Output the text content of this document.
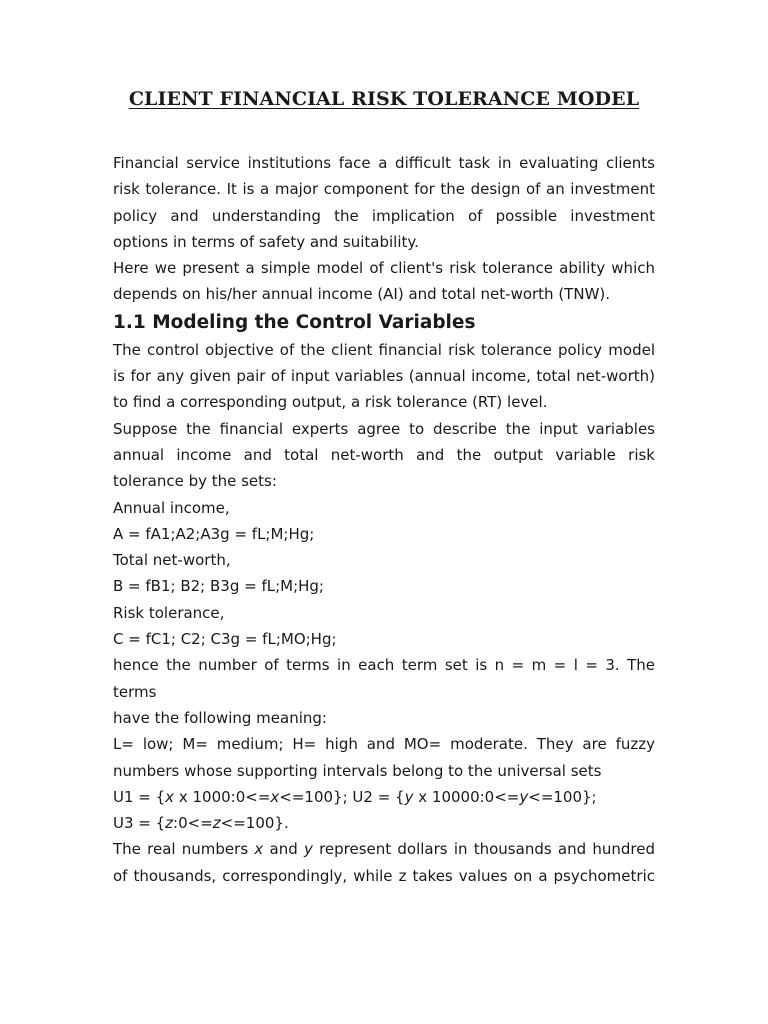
CLIENT FINANCIAL RISK TOLERANCE MODEL

Financial service institutions face a difficult task in evaluating clients

risk tolerance. It is a major component for the design of an investment

policy and understanding the implication of possible investment

options in terms of safety and suitability.

Here we present a simple model of client's risk tolerance ability which

depends on his/her annual income (AI) and total net-worth (TNW).

1.1 Modeling the Control Variables

The control objective of the client financial risk tolerance policy model

is for any given pair of input variables (annual income, total net-worth)

to find a corresponding output, a risk tolerance (RT) level.

Suppose the financial experts agree to describe the input variables

annual income and total net-worth and the output variable risk

tolerance by the sets:

Annual income,

A = fA1;A2;A3g = fL;M;Hg;

Total net-worth,

B = fB1; B2; B3g = fL;M;Hg;

Risk tolerance,

C = fC1; C2; C3g = fL;MO;Hg;

hence the number of terms in each term set is n = m = l = 3. The

terms

have the following meaning:

L= low; M= medium; H= high and MO= moderate. They are fuzzy

numbers whose supporting intervals belong to the universal sets

U1 = {x x 1000:0<=x<=100}; U2 = {y x 10000:0<=y<=100};

U3 = {z:0<=z<=100}.

The real numbers x and y represent dollars in thousands and hundred

of thousands, correspondingly, while z takes values on a psychometric
